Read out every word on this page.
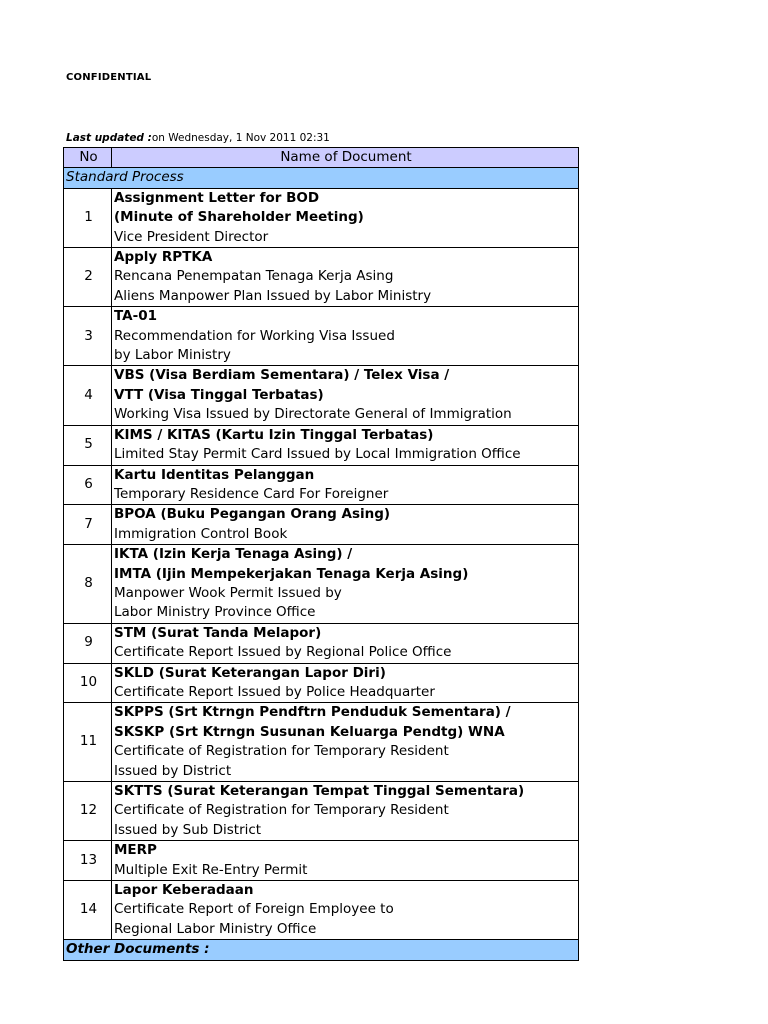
CONFIDENTIAL
Last updated :on Wednesday, 1 Nov 2011 02:31
No	Name of Document
Standard Process	
1	Assignment Letter for BOD
(Minute of Shareholder Meeting)
Vice President Director

2	Apply RPTKA
Rencana Penempatan Tenaga Kerja Asing
Aliens Manpower Plan Issued by Labor Ministry

3	TA-01
Recommendation for Working Visa Issued
by Labor Ministry

4	VBS (Visa Berdiam Sementara) / Telex Visa /
VTT (Visa Tinggal Terbatas)
Working Visa Issued by Directorate General of Immigration

5	KIMS / KITAS (Kartu Izin Tinggal Terbatas)
Limited Stay Permit Card Issued by Local Immigration Office

6	Kartu Identitas Pelanggan
Temporary Residence Card For Foreigner

7	BPOA (Buku Pegangan Orang Asing)
Immigration Control Book

8	IKTA (Izin Kerja Tenaga Asing) /
IMTA (Ijin Mempekerjakan Tenaga Kerja Asing)
Manpower Wook Permit Issued by
Labor Ministry Province Office

9	STM (Surat Tanda Melapor)
Certificate Report Issued by Regional Police Office

10	SKLD (Surat Keterangan Lapor Diri)
Certificate Report Issued by Police Headquarter

11	SKPPS (Srt Ktrngn Pendftrn Penduduk Sementara) /
SKSKP (Srt Ktrngn Susunan Keluarga Pendtg) WNA
Certificate of Registration for Temporary Resident
Issued by District

12	SKTTS (Surat Keterangan Tempat Tinggal Sementara)
Certificate of Registration for Temporary Resident
Issued by Sub District

13	MERP
Multiple Exit Re-Entry Permit

14	Lapor Keberadaan
Certificate Report of Foreign Employee to
Regional Labor Ministry Office

Other Documents :	
